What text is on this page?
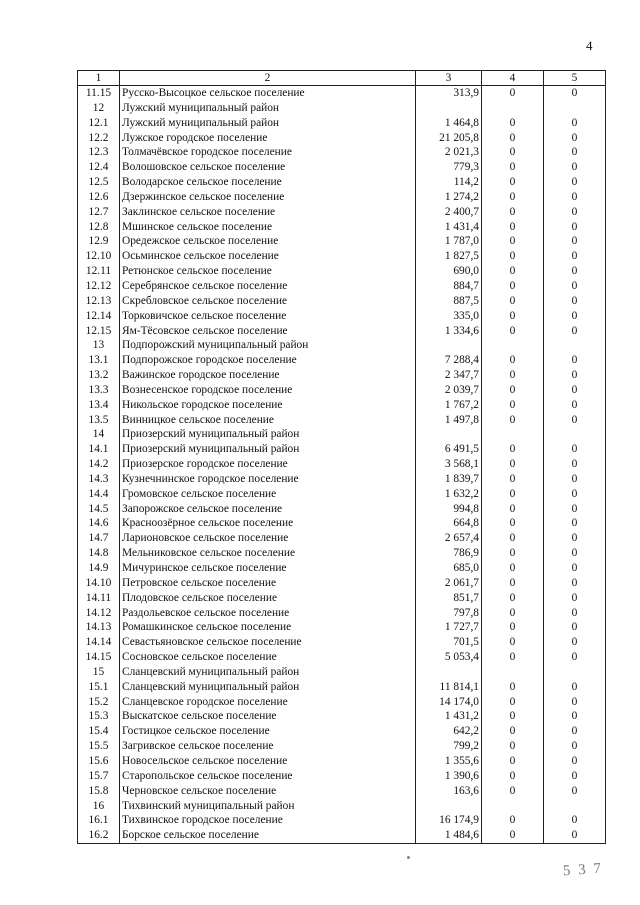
4
1	2	3	4	5
11.15	Русско-Высоцкое сельское поселение	313,9	0	0
12	Лужский муниципальный район			
12.1	Лужский муниципальный район	1 464,8	0	0
12.2	Лужское городское поселение	21 205,8	0	0
12.3	Толмачёвское городское поселение	2 021,3	0	0
12.4	Волошовское сельское поселение	779,3	0	0
12.5	Володарское сельское поселение	114,2	0	0
12.6	Дзержинское сельское поселение	1 274,2	0	0
12.7	Заклинское сельское поселение	2 400,7	0	0
12.8	Мшинское сельское поселение	1 431,4	0	0
12.9	Оредежское сельское поселение	1 787,0	0	0
12.10	Осьминское сельское поселение	1 827,5	0	0
12.11	Ретюнское сельское поселение	690,0	0	0
12.12	Серебрянское сельское поселение	884,7	0	0
12.13	Скребловское сельское поселение	887,5	0	0
12.14	Торковичское сельское поселение	335,0	0	0
12.15	Ям-Тёсовское сельское поселение	1 334,6	0	0
13	Подпорожский муниципальный район			
13.1	Подпорожское городское поселение	7 288,4	0	0
13.2	Важинское городское поселение	2 347,7	0	0
13.3	Вознесенское городское поселение	2 039,7	0	0
13.4	Никольское городское поселение	1 767,2	0	0
13.5	Винницкое сельское поселение	1 497,8	0	0
14	Приозерский муниципальный район			
14.1	Приозерский муниципальный район	6 491,5	0	0
14.2	Приозерское городское поселение	3 568,1	0	0
14.3	Кузнечнинское городское поселение	1 839,7	0	0
14.4	Громовское сельское поселение	1 632,2	0	0
14.5	Запорожское сельское поселение	994,8	0	0
14.6	Красноозёрное сельское поселение	664,8	0	0
14.7	Ларионовское сельское поселение	2 657,4	0	0
14.8	Мельниковское сельское поселение	786,9	0	0
14.9	Мичуринское сельское поселение	685,0	0	0
14.10	Петровское сельское поселение	2 061,7	0	0
14.11	Плодовское сельское поселение	851,7	0	0
14.12	Раздольевское сельское поселение	797,8	0	0
14.13	Ромашкинское сельское поселение	1 727,7	0	0
14.14	Севастьяновское сельское поселение	701,5	0	0
14.15	Сосновское сельское поселение	5 053,4	0	0
15	Сланцевский муниципальный район			
15.1	Сланцевский муниципальный район	11 814,1	0	0
15.2	Сланцевское городское поселение	14 174,0	0	0
15.3	Выскатское сельское поселение	1 431,2	0	0
15.4	Гостицкое сельское поселение	642,2	0	0
15.5	Загривское сельское поселение	799,2	0	0
15.6	Новосельское сельское поселение	1 355,6	0	0
15.7	Старопольское сельское поселение	1 390,6	0	0
15.8	Черновское сельское поселение	163,6	0	0
16	Тихвинский муниципальный район			
16.1	Тихвинское городское поселение	16 174,9	0	0
16.2	Борское сельское поселение	1 484,6	0	0
5 3 7
